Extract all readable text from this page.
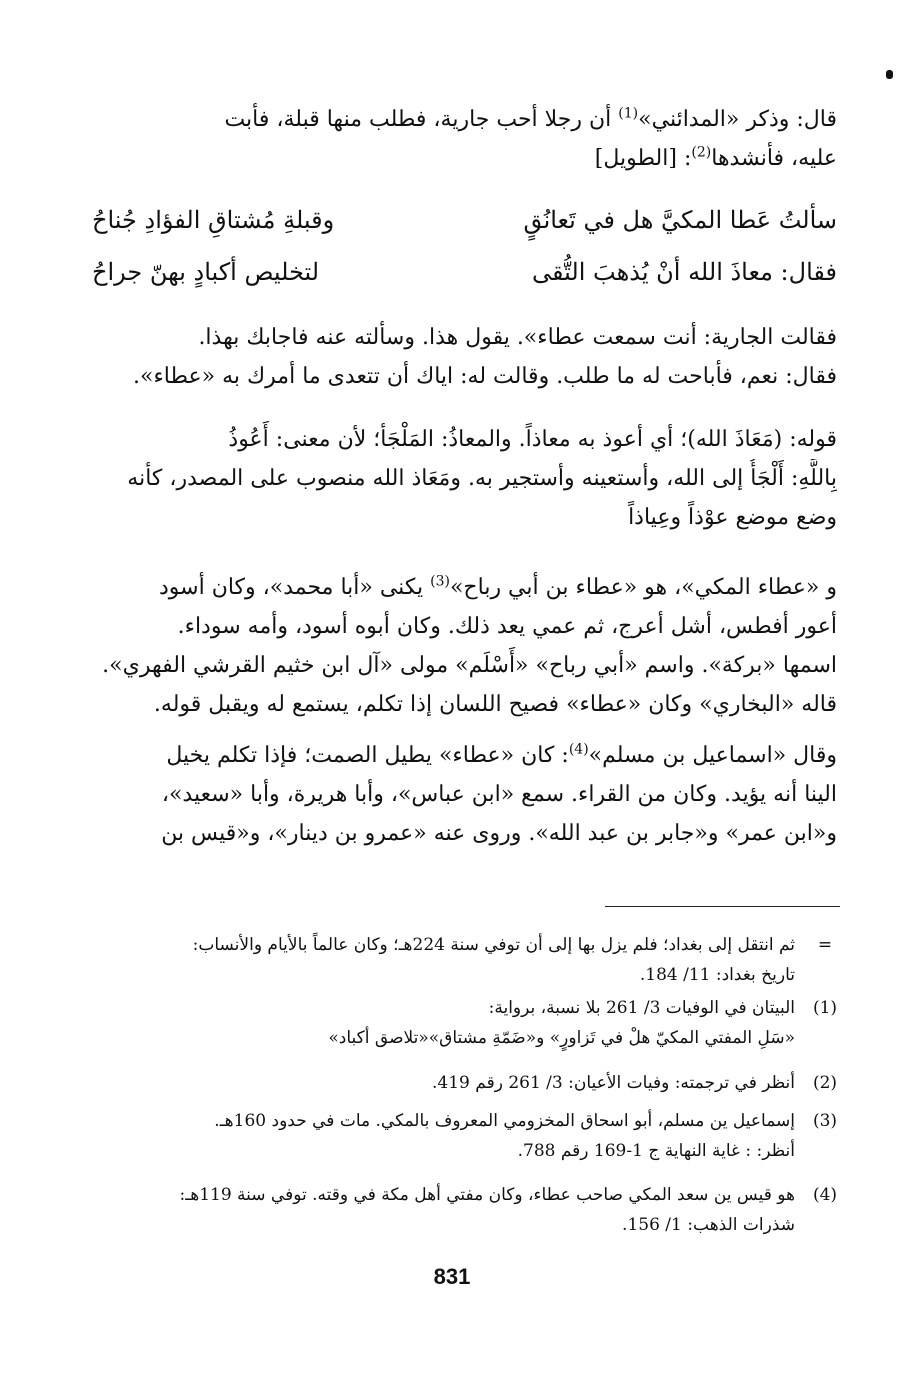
قال: وذكر «المدائني»$^{(1)}$ أن رجلا أحب جارية، فطلب منها قبلة، فأبت
عليه، فأنشدها$^{(2)}$: [الطويل]
سألتُ عَطا المكيَّ هل في تَعانُقٍ
وقبلةِ مُشتاقِ الفؤادِ جُناحُ
فقال: معاذَ الله أنْ يُذهبَ التُّقى
لتخليص أكبادٍ بهنّ جراحُ
فقالت الجارية: أنت سمعت عطاء». يقول هذا. وسألته عنه فاجابك بهذا.
فقال: نعم، فأباحت له ما طلب. وقالت له: اياك أن تتعدى ما أمرك به «عطاء».
قوله: (مَعَاذَ الله)؛ أي أعوذ به معاذاً. والمعاذُ: المَلْجَأ؛ لأن معنى: أَعُوذُ
بِاللَّهِ: أَلْجَأُ إلى الله، وأستعينه وأستجير به. ومَعَاذ الله منصوب على المصدر، كأنه
وضع موضع عوْذاً وعِياذاً
و «عطاء المكي»، هو «عطاء بن أبي رباح»$^{(3)}$ يكنى «أبا محمد»، وكان أسود
أعور أفطس، أشل أعرج، ثم عمي يعد ذلك. وكان أبوه أسود، وأمه سوداء.
اسمها «بركة». واسم «أبي رباح» «أَسْلَم» مولى «آل ابن خثيم القرشي الفهري».
قاله «البخاري» وكان «عطاء» فصيح اللسان إذا تكلم، يستمع له ويقبل قوله.
وقال «اسماعيل بن مسلم»$^{(4)}$: كان «عطاء» يطيل الصمت؛ فإذا تكلم يخيل
الينا أنه يؤيد. وكان من القراء. سمع «ابن عباس»، وأبا هريرة، وأبا «سعيد»،
و«ابن عمر» و«جابر بن عبد الله». وروى عنه «عمرو بن دينار»، و«قيس بن
=
ثم انتقل إلى بغداد؛ فلم يزل بها إلى أن توفي سنة 224هـ؛ وكان عالماً بالأيام والأنساب:
تاريخ بغداد: 11/ 184.
(1)
البيتان في الوفيات 3/ 261 بلا نسبة، برواية:
«سَلِ المفتي المكيّ هلْ في تَزاورٍ» و«ضَمّةِ مشتاق»«تلاصق أكباد»
(2)
أنظر في ترجمته: وفيات الأعيان: 3/ 261 رقم 419.
(3)
إسماعيل ين مسلم، أبو اسحاق المخزومي المعروف بالمكي. مات في حدود 160هـ.
أنظر: : غاية النهاية ج 1-169 رقم 788.
(4)
هو قيس ين سعد المكي صاحب عطاء، وكان مفتي أهل مكة في وقته. توفي سنة 119هـ:
شذرات الذهب: 1/ 156.
831
